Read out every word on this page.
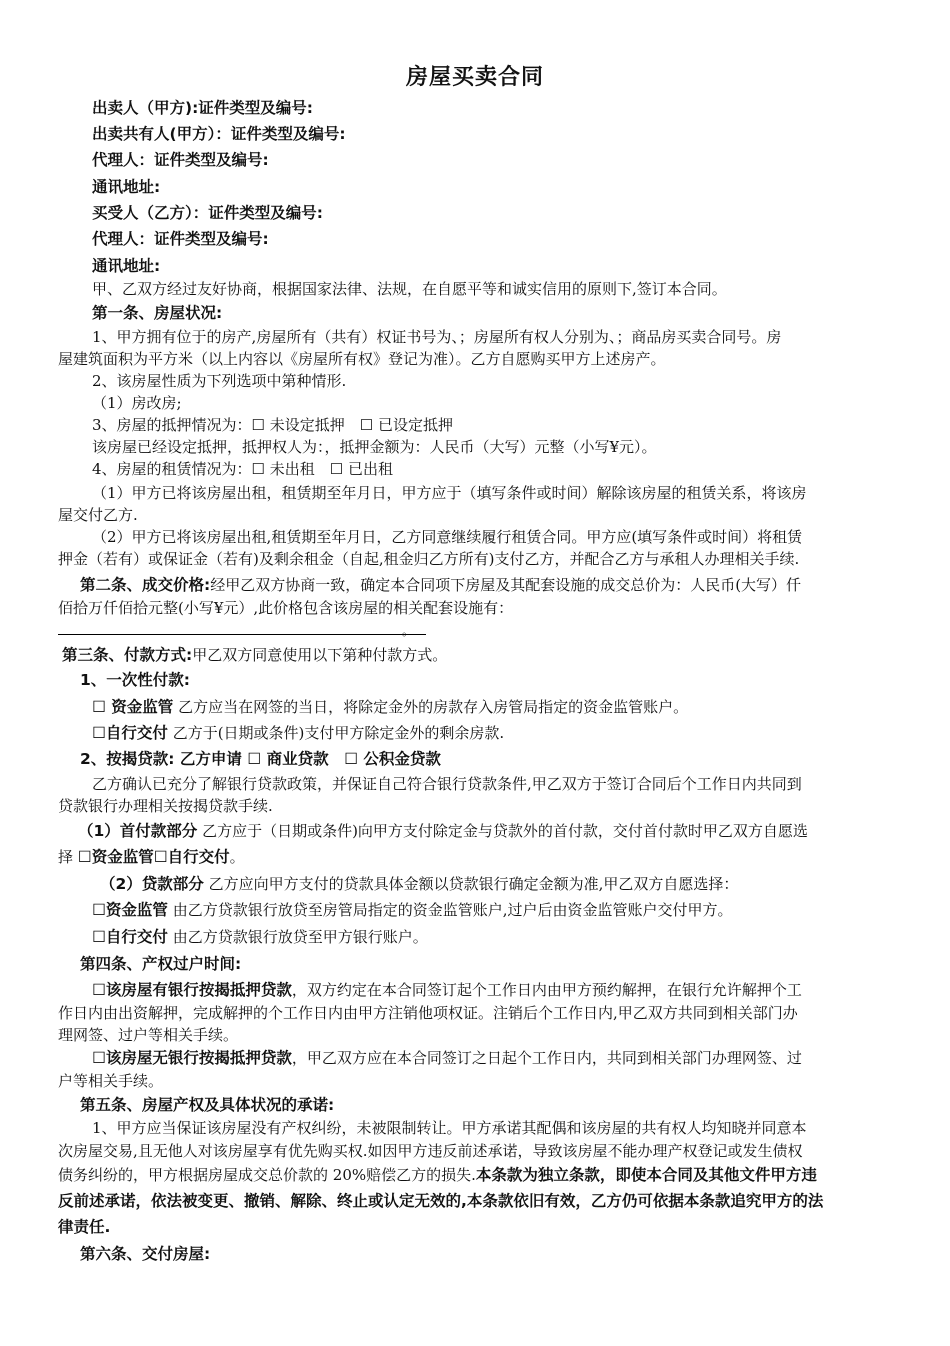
房屋买卖合同
出卖人（甲方):证件类型及编号:
出卖共有人(甲方）：证件类型及编号:
代理人：证件类型及编号:
通讯地址:
买受人（乙方）：证件类型及编号:
代理人：证件类型及编号:
通讯地址:
甲、乙双方经过友好协商，根据国家法律、法规，在自愿平等和诚实信用的原则下,签订本合同。
第一条、房屋状况:
1、甲方拥有位于的房产,房屋所有（共有）权证书号为、；房屋所有权人分别为、；商品房买卖合同号。房
屋建筑面积为平方米（以上内容以《房屋所有权》登记为准）。乙方自愿购买甲方上述房产。
2、该房屋性质为下列选项中第种情形.
（1）房改房;
3、房屋的抵押情况为：☐ 未设定抵押　☐ 已设定抵押
该房屋已经设定抵押，抵押权人为：，抵押金额为：人民币（大写）元整（小写¥元）。
4、房屋的租赁情况为：☐ 未出租　☐ 已出租
（1）甲方已将该房屋出租，租赁期至年月日，甲方应于（填写条件或时间）解除该房屋的租赁关系，将该房
屋交付乙方.
（2）甲方已将该房屋出租,租赁期至年月日，乙方同意继续履行租赁合同。甲方应(填写条件或时间）将租赁
押金（若有）或保证金（若有)及剩余租金（自起,租金归乙方所有)支付乙方，并配合乙方与承租人办理相关手续.
第二条、成交价格:经甲乙双方协商一致，确定本合同项下房屋及其配套设施的成交总价为：人民币(大写）仟
佰拾万仟佰拾元整(小写¥元）,此价格包含该房屋的相关配套设施有：
。
第三条、付款方式:甲乙双方同意使用以下第种付款方式。
1、一次性付款:
☐ 资金监管 乙方应当在网签的当日，将除定金外的房款存入房管局指定的资金监管账户。
☐自行交付 乙方于(日期或条件)支付甲方除定金外的剩余房款.
2、按揭贷款: 乙方申请 ☐ 商业贷款　☐ 公积金贷款
乙方确认已充分了解银行贷款政策，并保证自己符合银行贷款条件,甲乙双方于签订合同后个工作日内共同到
贷款银行办理相关按揭贷款手续.
（1）首付款部分 乙方应于（日期或条件)向甲方支付除定金与贷款外的首付款，交付首付款时甲乙双方自愿选
择 ☐资金监管☐自行交付。
（2）贷款部分 乙方应向甲方支付的贷款具体金额以贷款银行确定金额为准,甲乙双方自愿选择：
☐资金监管 由乙方贷款银行放贷至房管局指定的资金监管账户,过户后由资金监管账户交付甲方。
☐自行交付 由乙方贷款银行放贷至甲方银行账户。
第四条、产权过户时间:
☐该房屋有银行按揭抵押贷款，双方约定在本合同签订起个工作日内由甲方预约解押，在银行允许解押个工
作日内由出资解押，完成解押的个工作日内由甲方注销他项权证。注销后个工作日内,甲乙双方共同到相关部门办
理网签、过户等相关手续。
☐该房屋无银行按揭抵押贷款，甲乙双方应在本合同签订之日起个工作日内，共同到相关部门办理网签、过
户等相关手续。
第五条、房屋产权及具体状况的承诺:
1、甲方应当保证该房屋没有产权纠纷，未被限制转让。甲方承诺其配偶和该房屋的共有权人均知晓并同意本
次房屋交易,且无他人对该房屋享有优先购买权.如因甲方违反前述承诺，导致该房屋不能办理产权登记或发生债权
债务纠纷的，甲方根据房屋成交总价款的 20%赔偿乙方的损失.本条款为独立条款，即使本合同及其他文件甲方违
反前述承诺，依法被变更、撤销、解除、终止或认定无效的,本条款依旧有效，乙方仍可依据本条款追究甲方的法
律责任.
第六条、交付房屋:
